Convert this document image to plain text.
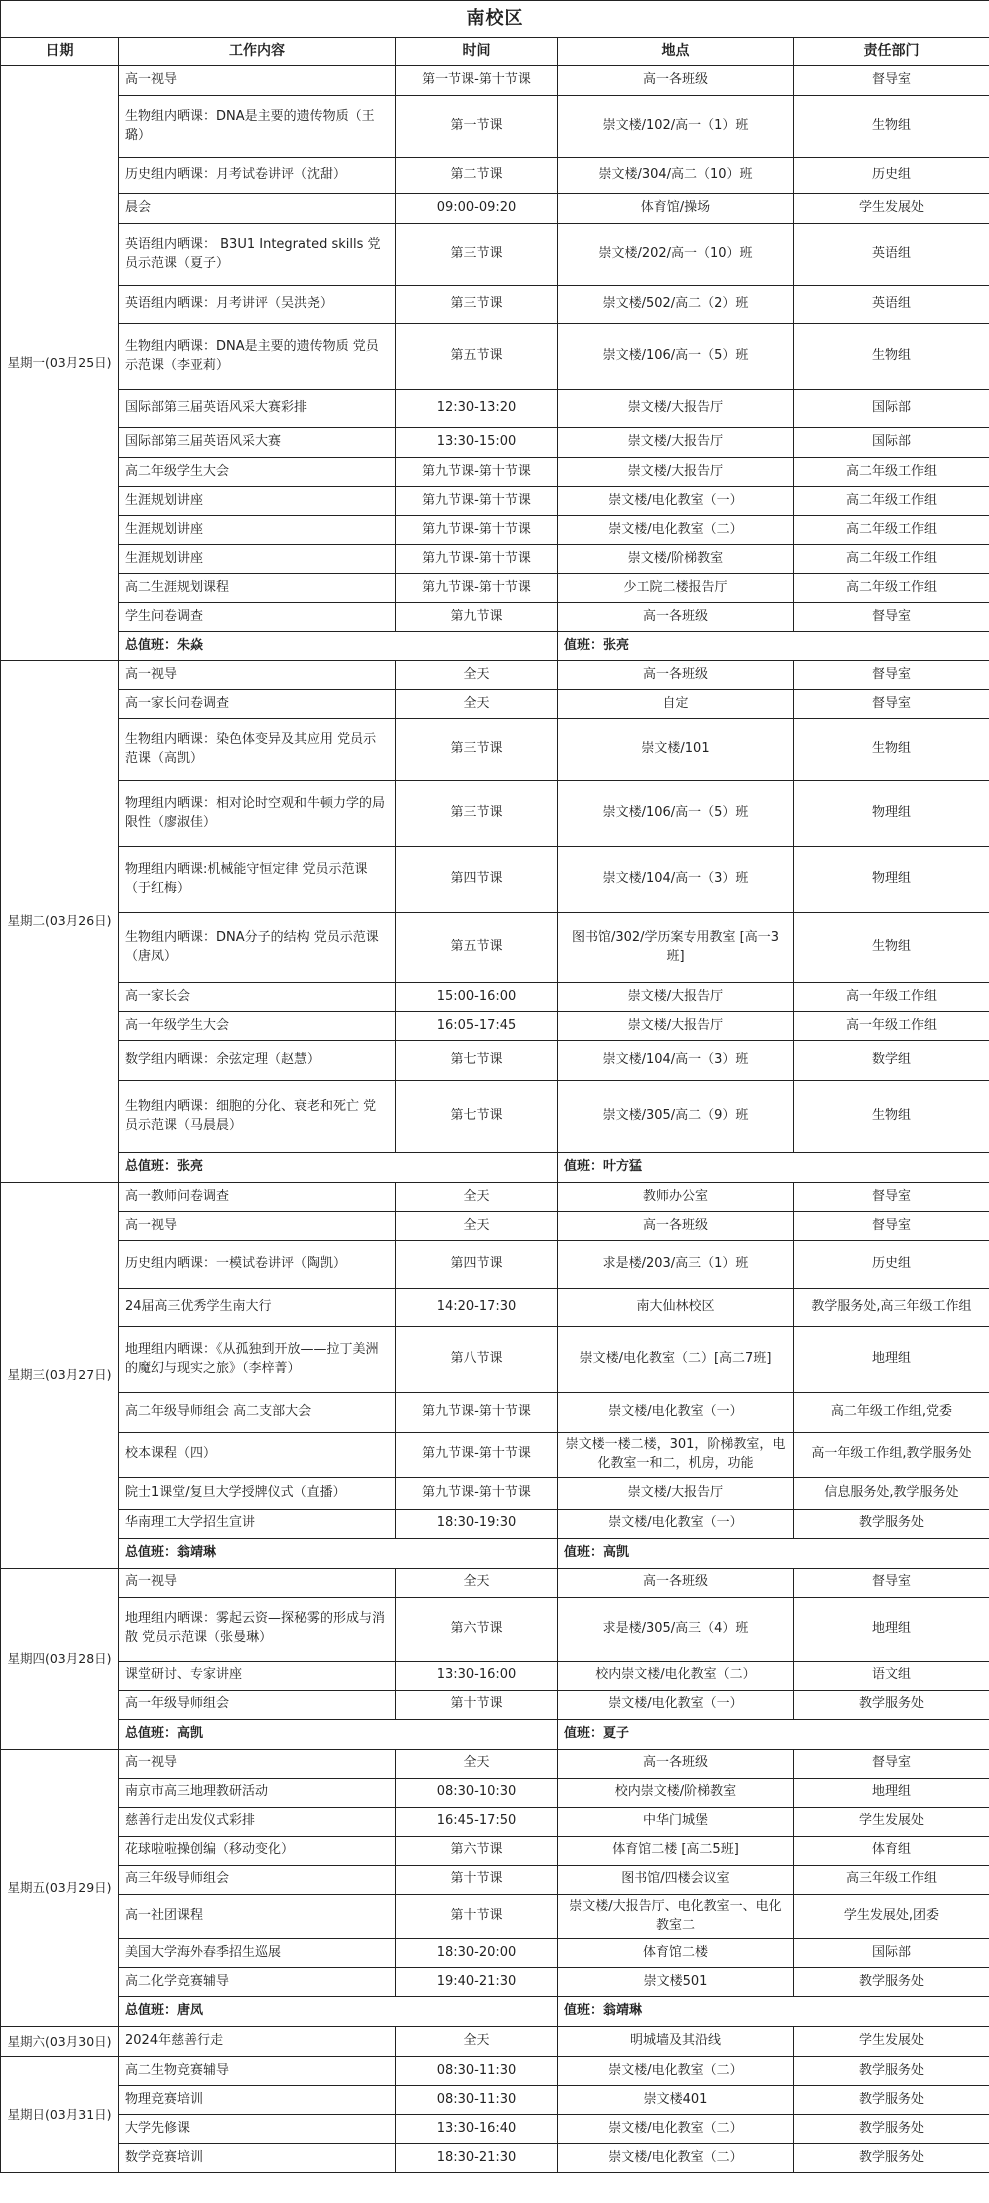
南校区				
日期	工作内容	时间	地点	责任部门
星期一(03月25日)	高一视导	第一节课-第十节课	高一各班级	督导室
	生物组内晒课：DNA是主要的遗传物质（王璐）	第一节课	崇文楼/102/高一（1）班	生物组
	历史组内晒课：月考试卷讲评（沈甜）	第二节课	崇文楼/304/高二（10）班	历史组
	晨会	09:00-09:20	体育馆/操场	学生发展处
	英语组内晒课： B3U1 Integrated skills 党员示范课（夏子）	第三节课	崇文楼/202/高一（10）班	英语组
	英语组内晒课：月考讲评（吴洪尧）	第三节课	崇文楼/502/高二（2）班	英语组
	生物组内晒课：DNA是主要的遗传物质 党员示范课（李亚莉）	第五节课	崇文楼/106/高一（5）班	生物组
	国际部第三届英语风采大赛彩排	12:30-13:20	崇文楼/大报告厅	国际部
	国际部第三届英语风采大赛	13:30-15:00	崇文楼/大报告厅	国际部
	高二年级学生大会	第九节课-第十节课	崇文楼/大报告厅	高二年级工作组
	生涯规划讲座	第九节课-第十节课	崇文楼/电化教室（一）	高二年级工作组
	生涯规划讲座	第九节课-第十节课	崇文楼/电化教室（二）	高二年级工作组
	生涯规划讲座	第九节课-第十节课	崇文楼/阶梯教室	高二年级工作组
	高二生涯规划课程	第九节课-第十节课	少工院二楼报告厅	高二年级工作组
	学生问卷调查	第九节课	高一各班级	督导室
	总值班：朱焱		值班：张亮	
星期二(03月26日)	高一视导	全天	高一各班级	督导室
	高一家长问卷调查	全天	自定	督导室
	生物组内晒课：染色体变异及其应用 党员示范课（高凯）	第三节课	崇文楼/101	生物组
	物理组内晒课：相对论时空观和牛顿力学的局限性（廖淑佳）	第三节课	崇文楼/106/高一（5）班	物理组
	物理组内晒课:机械能守恒定律 党员示范课（于红梅）	第四节课	崇文楼/104/高一（3）班	物理组
	生物组内晒课：DNA分子的结构 党员示范课（唐凤）	第五节课	图书馆/302/学历案专用教室 [高一3班]	生物组
	高一家长会	15:00-16:00	崇文楼/大报告厅	高一年级工作组
	高一年级学生大会	16:05-17:45	崇文楼/大报告厅	高一年级工作组
	数学组内晒课：余弦定理（赵慧）	第七节课	崇文楼/104/高一（3）班	数学组
	生物组内晒课：细胞的分化、衰老和死亡 党员示范课（马晨晨）	第七节课	崇文楼/305/高二（9）班	生物组
	总值班：张亮		值班：叶方猛	
星期三(03月27日)	高一教师问卷调查	全天	教师办公室	督导室
	高一视导	全天	高一各班级	督导室
	历史组内晒课：一模试卷讲评（陶凯）	第四节课	求是楼/203/高三（1）班	历史组
	24届高三优秀学生南大行	14:20-17:30	南大仙林校区	教学服务处,高三年级工作组
	地理组内晒课：《从孤独到开放——拉丁美洲的魔幻与现实之旅》（李梓菁）	第八节课	崇文楼/电化教室（二）[高二7班]	地理组
	高二年级导师组会 高二支部大会	第九节课-第十节课	崇文楼/电化教室（一）	高二年级工作组,党委
	校本课程（四）	第九节课-第十节课	崇文楼一楼二楼，301，阶梯教室，电化教室一和二，机房，功能	高一年级工作组,教学服务处
	院士1课堂/复旦大学授牌仪式（直播）	第九节课-第十节课	崇文楼/大报告厅	信息服务处,教学服务处
	华南理工大学招生宣讲	18:30-19:30	崇文楼/电化教室（一）	教学服务处
	总值班：翁靖琳		值班：高凯	
星期四(03月28日)	高一视导	全天	高一各班级	督导室
	地理组内晒课：雾起云资—探秘雾的形成与消散 党员示范课（张曼琳）	第六节课	求是楼/305/高三（4）班	地理组
	课堂研讨、专家讲座	13:30-16:00	校内崇文楼/电化教室（二）	语文组
	高一年级导师组会	第十节课	崇文楼/电化教室（一）	教学服务处
	总值班：高凯		值班：夏子	
星期五(03月29日)	高一视导	全天	高一各班级	督导室
	南京市高三地理教研活动	08:30-10:30	校内崇文楼/阶梯教室	地理组
	慈善行走出发仪式彩排	16:45-17:50	中华门城堡	学生发展处
	花球啦啦操创编（移动变化）	第六节课	体育馆二楼 [高二5班]	体育组
	高三年级导师组会	第十节课	图书馆/四楼会议室	高三年级工作组
	高一社团课程	第十节课	崇文楼/大报告厅、电化教室一、电化教室二	学生发展处,团委
	美国大学海外春季招生巡展	18:30-20:00	体育馆二楼	国际部
	高二化学竞赛辅导	19:40-21:30	崇文楼501	教学服务处
	总值班：唐凤		值班：翁靖琳	
星期六(03月30日)	2024年慈善行走	全天	明城墙及其沿线	学生发展处
星期日(03月31日)	高二生物竞赛辅导	08:30-11:30	崇文楼/电化教室（二）	教学服务处
	物理竞赛培训	08:30-11:30	崇文楼401	教学服务处
	大学先修课	13:30-16:40	崇文楼/电化教室（二）	教学服务处
	数学竞赛培训	18:30-21:30	崇文楼/电化教室（二）	教学服务处
